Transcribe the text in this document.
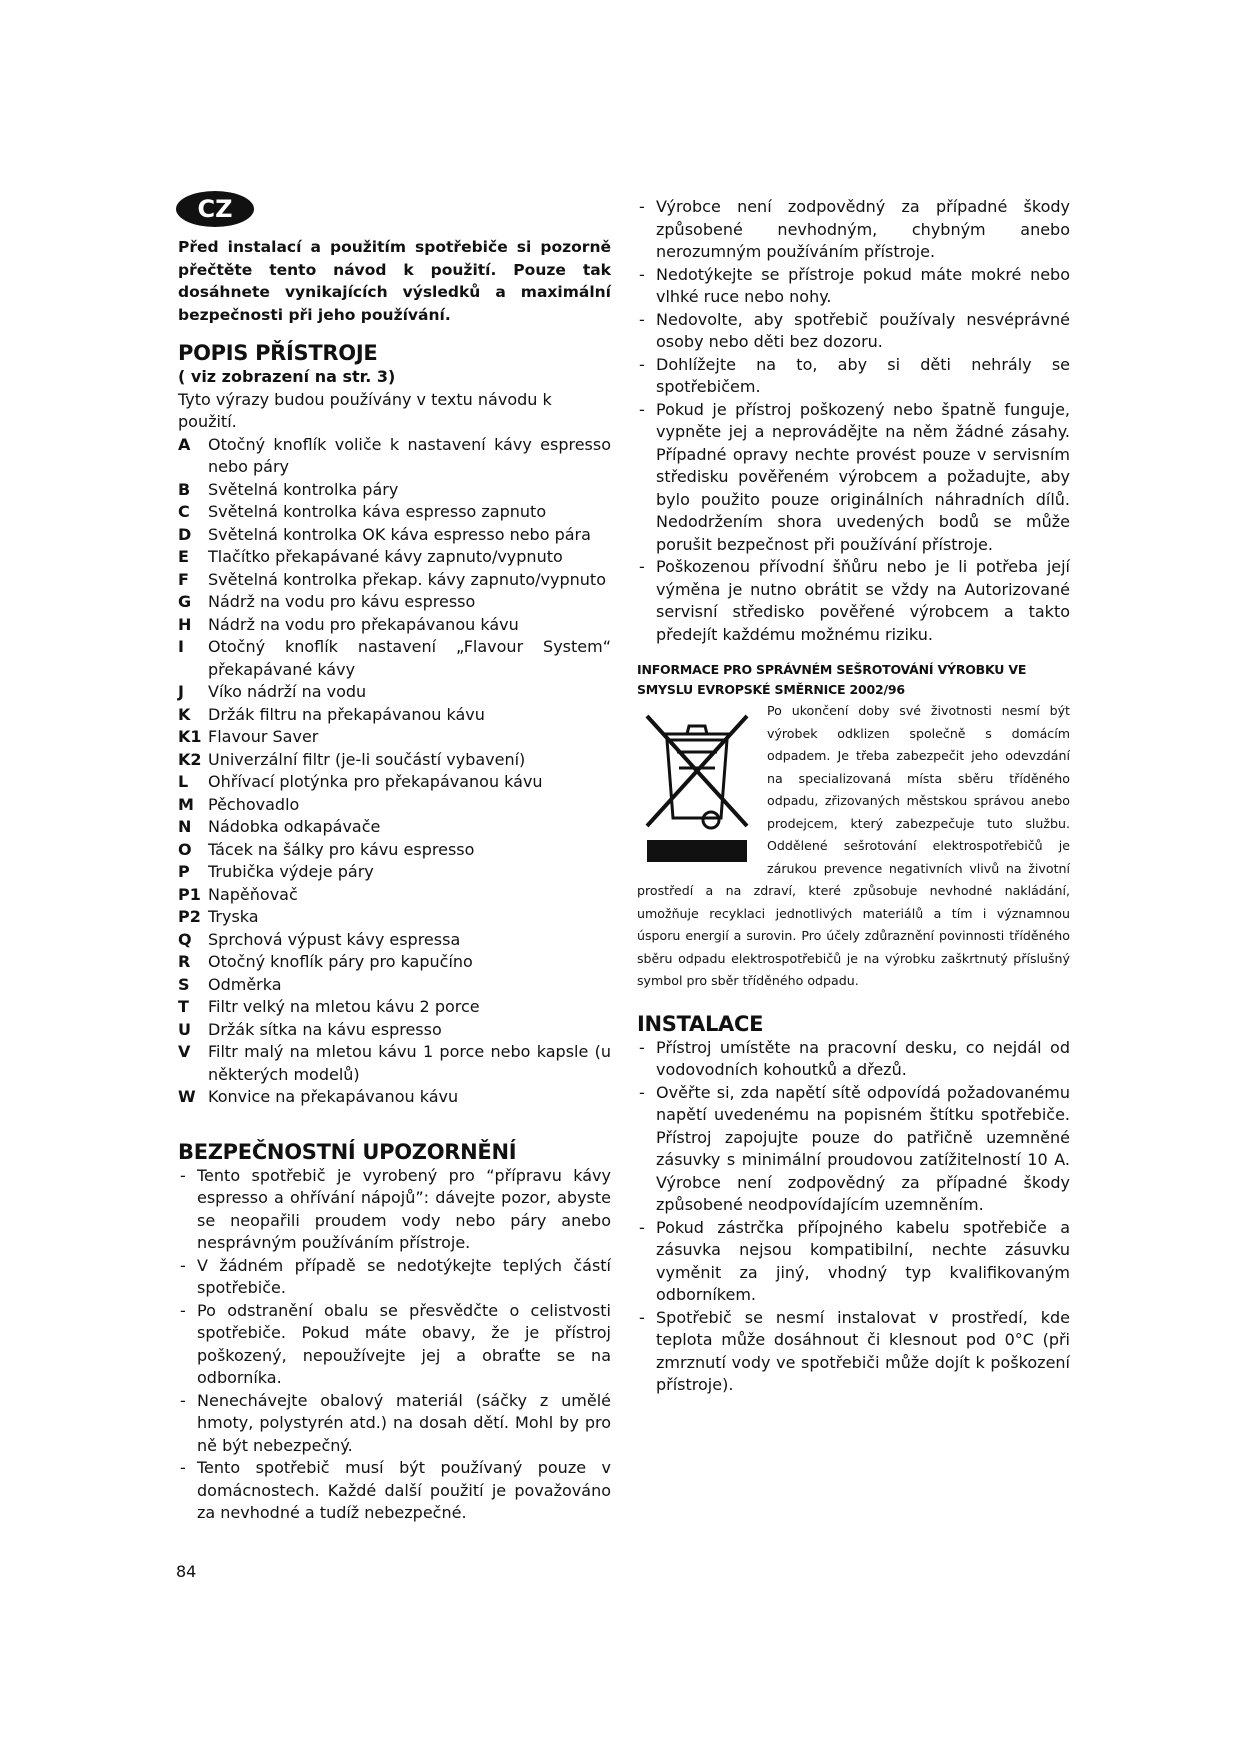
CZ
Před instalací a použitím spotřebiče si pozorně přečtěte tento návod k použití. Pouze tak dosáhnete vynikajících výsledků a maximální bezpečnosti při jeho používání.
POPIS PŘÍSTROJE
( viz zobrazení na str. 3)
Tyto výrazy budou používány v textu návodu k použití.
A	Otočný knoflík voliče k nastavení kávy espresso nebo páry
B	Světelná kontrolka páry
C	Světelná kontrolka káva espresso zapnuto
D	Světelná kontrolka OK káva espresso nebo pára
E	Tlačítko překapávané kávy zapnuto/vypnuto
F	Světelná kontrolka překap. kávy zapnuto/vypnuto
G	Nádrž na vodu pro kávu espresso
H	Nádrž na vodu pro překapávanou kávu
I	Otočný knoflík nastavení „Flavour System“ překapávané kávy
J	Víko nádrží na vodu
K	Držák filtru na překapávanou kávu
K1 Flavour Saver
K2 Univerzální filtr (je-li součástí vybavení)
L	Ohřívací plotýnka pro překapávanou kávu
M Pěchovadlo
N	Nádobka odkapávače
O	Tácek na šálky pro kávu espresso
P	Trubička výdeje páry
P1 Napěňovač
P2 Tryska
Q	Sprchová výpust kávy espressa
R	Otočný knoflík páry pro kapučíno
S	Odměrka
T	Filtr velký na mletou kávu 2 porce
U	Držák sítka na kávu espresso
V	Filtr malý na mletou kávu 1 porce nebo kapsle (u některých modelů)
W Konvice na překapávanou kávu
BEZPEČNOSTNÍ UPOZORNĚNÍ
- Tento spotřebič je vyrobený pro “přípravu kávy espresso a ohřívání nápojů”: dávejte pozor, abyste se neopařili proudem vody nebo páry anebo nesprávným používáním přístroje.
- V žádném případě se nedotýkejte teplých částí spotřebiče.
- Po odstranění obalu se přesvědčte o celistvosti spotřebiče. Pokud máte obavy, že je přístroj poškozený, nepoužívejte jej a obraťte se na odborníka.
- Nenechávejte obalový materiál (sáčky z umělé hmoty, polystyrén atd.) na dosah dětí. Mohl by pro ně být nebezpečný.
- Tento spotřebič musí být používaný pouze v domácnostech. Každé další použití je považováno za nevhodné a tudíž nebezpečné.
- Výrobce není zodpovědný za případné škody způsobené nevhodným, chybným anebo nerozumným používáním přístroje.
- Nedotýkejte se přístroje pokud máte mokré nebo vlhké ruce nebo nohy.
- Nedovolte, aby spotřebič používaly nesvéprávné osoby nebo děti bez dozoru.
- Dohlížejte na to, aby si děti nehrály se spotřebičem.
- Pokud je přístroj poškozený nebo špatně funguje, vypněte jej a neprovádějte na něm žádné zásahy. Případné opravy nechte provést pouze v servisním středisku pověřeném výrobcem a požadujte, aby bylo použito pouze originálních náhradních dílů. Nedodržením shora uvedených bodů se může porušit bezpečnost při používání přístroje.
- Poškozenou přívodní šňůru nebo je li potřeba její výměna je nutno obrátit se vždy na Autorizované servisní středisko pověřené výrobcem a takto předejít každému možnému riziku.
INFORMACE PRO SPRÁVNÉM SEŠROTOVÁNÍ VÝROBKU VE SMYSLU EVROPSKÉ SMĚRNICE 2002/96
Po ukončení doby své životnosti nesmí být výrobek odklizen společně s domácím odpadem. Je třeba zabezpečit jeho odevzdání na specializovaná místa sběru tříděného odpadu, zřizovaných městskou správou anebo prodejcem, který zabezpečuje tuto službu. Oddělené sešrotování elektrospotřebičů je zárukou prevence negativních vlivů na životní prostředí a na zdraví, které způsobuje nevhodné nakládání, umožňuje recyklaci jednotlivých materiálů a tím i významnou úsporu energií a surovin. Pro účely zdůraznění povinnosti tříděného sběru odpadu elektrospotřebičů je na výrobku zaškrtnutý příslušný symbol pro sběr tříděného odpadu.
INSTALACE
- Přístroj umístěte na pracovní desku, co nejdál od vodovodních kohoutků a dřezů.
- Ověřte si, zda napětí sítě odpovídá požadovanému napětí uvedenému na popisném štítku spotřebiče. Přístroj zapojujte pouze do patřičně uzemněné zásuvky s minimální proudovou zatížitelností 10 A. Výrobce není zodpovědný za případné škody způsobené neodpovídajícím uzemněním.
- Pokud zástrčka přípojného kabelu spotřebiče a zásuvka nejsou kompatibilní, nechte zásuvku vyměnit za jiný, vhodný typ kvalifikovaným odborníkem.
- Spotřebič se nesmí instalovat v prostředí, kde teplota může dosáhnout či klesnout pod 0°C (při zmrznutí vody ve spotřebiči může dojít k poškození přístroje).
84
